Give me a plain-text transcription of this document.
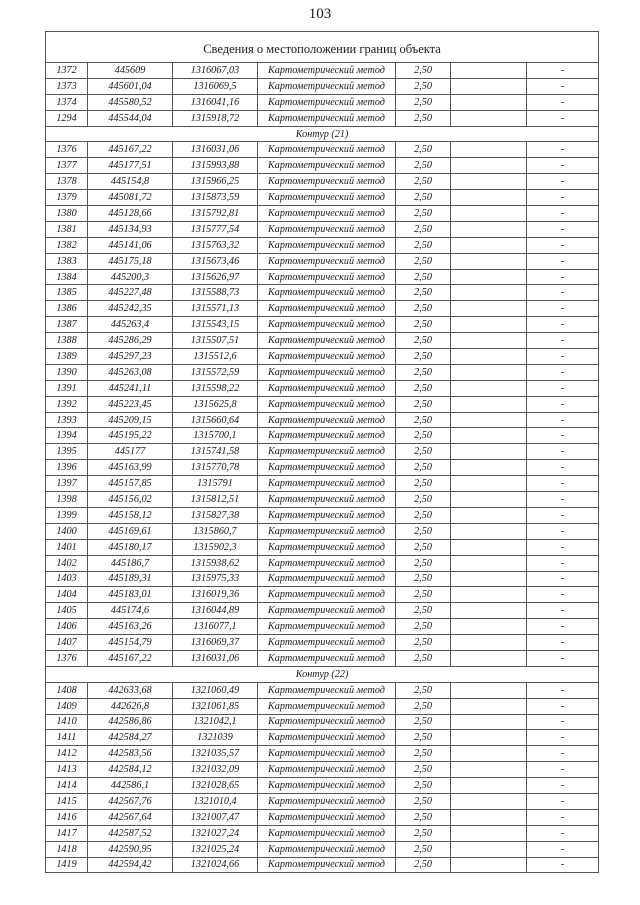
103
Сведения о местоположении границ объекта						
1372	445609	1316067,03	Картометрический метод	2,50		-
1373	445601,04	1316069,5	Картометрический метод	2,50		-
1374	445580,52	1316041,16	Картометрический метод	2,50		-
1294	445544,04	1315918,72	Картометрический метод	2,50		-
Контур (21)						
1376	445167,22	1316031,06	Картометрический метод	2,50		-
1377	445177,51	1315993,88	Картометрический метод	2,50		-
1378	445154,8	1315966,25	Картометрический метод	2,50		-
1379	445081,72	1315873,59	Картометрический метод	2,50		-
1380	445128,66	1315792,81	Картометрический метод	2,50		-
1381	445134,93	1315777,54	Картометрический метод	2,50		-
1382	445141,06	1315763,32	Картометрический метод	2,50		-
1383	445175,18	1315673,46	Картометрический метод	2,50		-
1384	445200,3	1315626,97	Картометрический метод	2,50		-
1385	445227,48	1315588,73	Картометрический метод	2,50		-
1386	445242,35	1315571,13	Картометрический метод	2,50		-
1387	445263,4	1315543,15	Картометрический метод	2,50		-
1388	445286,29	1315507,51	Картометрический метод	2,50		-
1389	445297,23	1315512,6	Картометрический метод	2,50		-
1390	445263,08	1315572,59	Картометрический метод	2,50		-
1391	445241,11	1315598,22	Картометрический метод	2,50		-
1392	445223,45	1315625,8	Картометрический метод	2,50		-
1393	445209,15	1315660,64	Картометрический метод	2,50		-
1394	445195,22	1315700,1	Картометрический метод	2,50		-
1395	445177	1315741,58	Картометрический метод	2,50		-
1396	445163,99	1315770,78	Картометрический метод	2,50		-
1397	445157,85	1315791	Картометрический метод	2,50		-
1398	445156,02	1315812,51	Картометрический метод	2,50		-
1399	445158,12	1315827,38	Картометрический метод	2,50		-
1400	445169,61	1315860,7	Картометрический метод	2,50		-
1401	445180,17	1315902,3	Картометрический метод	2,50		-
1402	445186,7	1315938,62	Картометрический метод	2,50		-
1403	445189,31	1315975,33	Картометрический метод	2,50		-
1404	445183,01	1316019,36	Картометрический метод	2,50		-
1405	445174,6	1316044,89	Картометрический метод	2,50		-
1406	445163,26	1316077,1	Картометрический метод	2,50		-
1407	445154,79	1316069,37	Картометрический метод	2,50		-
1376	445167,22	1316031,06	Картометрический метод	2,50		-
Контур (22)						
1408	442633,68	1321060,49	Картометрический метод	2,50		-
1409	442626,8	1321061,85	Картометрический метод	2,50		-
1410	442586,86	1321042,1	Картометрический метод	2,50		-
1411	442584,27	1321039	Картометрический метод	2,50		-
1412	442583,56	1321035,57	Картометрический метод	2,50		-
1413	442584,12	1321032,09	Картометрический метод	2,50		-
1414	442586,1	1321028,65	Картометрический метод	2,50		-
1415	442567,76	1321010,4	Картометрический метод	2,50		-
1416	442567,64	1321007,47	Картометрический метод	2,50		-
1417	442587,52	1321027,24	Картометрический метод	2,50		-
1418	442590,95	1321025,24	Картометрический метод	2,50		-
1419	442594,42	1321024,66	Картометрический метод	2,50		-
